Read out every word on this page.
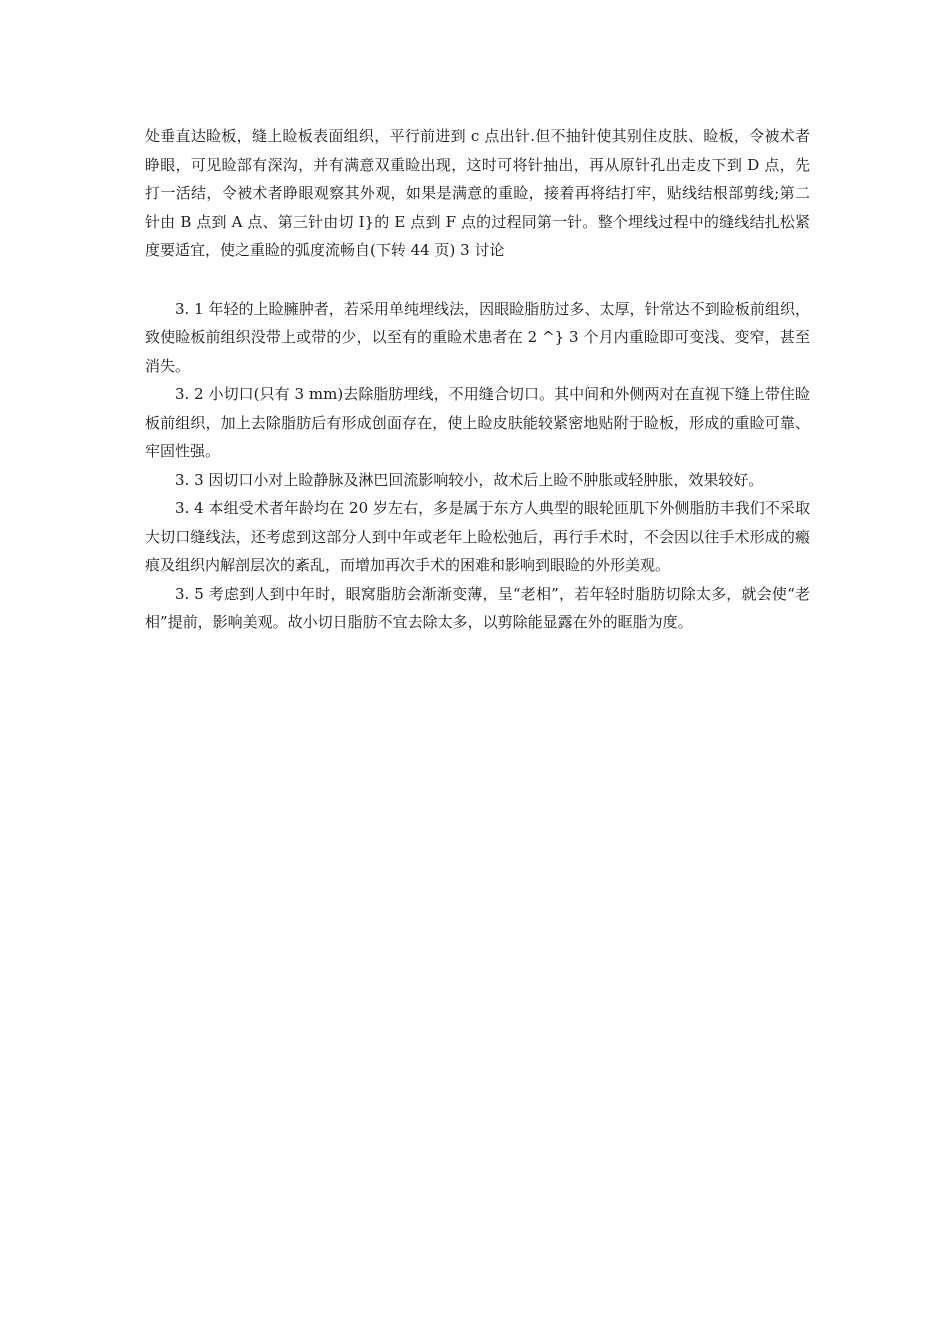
处垂直达睑板，缝上睑板表面组织，平行前进到 c 点出针.但不抽针使其别住皮肤、睑板，令被术者睁眼，可见睑部有深沟，并有满意双重睑出现，这时可将针抽出，再从原针孔出走皮下到 D 点，先打一活结，令被术者睁眼观察其外观，如果是满意的重睑，接着再将结打牢，贴线结根部剪线;第二针由 B 点到 A 点、第三针由切 I}的 E 点到 F 点的过程同第一针。整个埋线过程中的缝线结扎松紧度要适宜，使之重睑的弧度流畅自(下转 44 页) 3 讨论

3. 1 年轻的上睑臃肿者，若采用单纯埋线法，因眼睑脂肪过多、太厚，针常达不到睑板前组织，致使睑板前组织没带上或带的少，以至有的重睑术患者在 2 ^} 3 个月内重睑即可变浅、变窄，甚至消失。

3. 2 小切口(只有 3 mm)去除脂肪埋线，不用缝合切口。其中间和外侧两对在直视下缝上带住睑板前组织，加上去除脂肪后有形成创面存在，使上睑皮肤能较紧密地贴附于睑板，形成的重睑可靠、牢固性强。

3. 3 因切口小对上睑静脉及淋巴回流影响较小，故术后上睑不肿胀或轻肿胀，效果较好。

3. 4 本组受术者年龄均在 20 岁左右，多是属于东方人典型的眼轮匝肌下外侧脂肪丰我们不采取大切口缝线法，还考虑到这部分人到中年或老年上睑松弛后，再行手术时，不会因以往手术形成的瘢痕及组织内解剖层次的紊乱，而增加再次手术的困难和影响到眼睑的外形美观。

3. 5 考虑到人到中年时，眼窝脂肪会渐渐变薄，呈“老相”，若年轻时脂肪切除太多，就会使“老相”提前，影响美观。故小切日脂肪不宜去除太多，以剪除能显露在外的眶脂为度。
